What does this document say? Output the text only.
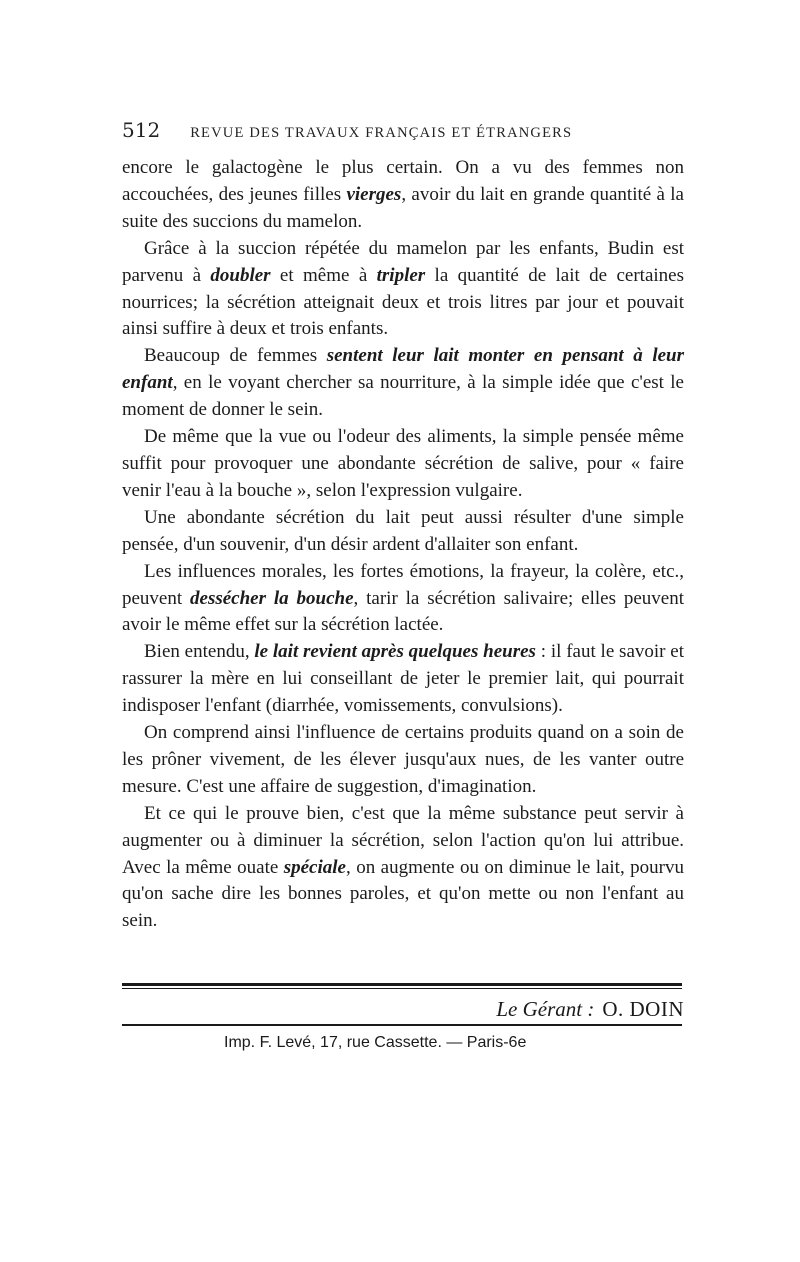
512 REVUE DES TRAVAUX FRANÇAIS ET ÉTRANGERS

encore le galactogène le plus certain. On a vu des femmes non accouchées, des jeunes filles vierges, avoir du lait en grande quantité à la suite des succions du mamelon.

Grâce à la succion répétée du mamelon par les enfants, Budin est parvenu à doubler et même à tripler la quantité de lait de certaines nourrices; la sécrétion atteignait deux et trois litres par jour et pouvait ainsi suffire à deux et trois enfants.

Beaucoup de femmes sentent leur lait monter en pensant à leur enfant, en le voyant chercher sa nourriture, à la simple idée que c'est le moment de donner le sein.

De même que la vue ou l'odeur des aliments, la simple pensée même suffit pour provoquer une abondante sécrétion de salive, pour « faire venir l'eau à la bouche », selon l'expression vulgaire.

Une abondante sécrétion du lait peut aussi résulter d'une simple pensée, d'un souvenir, d'un désir ardent d'allaiter son enfant.

Les influences morales, les fortes émotions, la frayeur, la colère, etc., peuvent dessécher la bouche, tarir la sécrétion salivaire; elles peuvent avoir le même effet sur la sécrétion lactée.

Bien entendu, le lait revient après quelques heures : il faut le savoir et rassurer la mère en lui conseillant de jeter le premier lait, qui pourrait indisposer l'enfant (diarrhée, vomissements, convulsions).

On comprend ainsi l'influence de certains produits quand on a soin de les prôner vivement, de les élever jusqu'aux nues, de les vanter outre mesure. C'est une affaire de suggestion, d'imagination.

Et ce qui le prouve bien, c'est que la même substance peut servir à augmenter ou à diminuer la sécrétion, selon l'action qu'on lui attribue. Avec la même ouate spéciale, on augmente ou on diminue le lait, pourvu qu'on sache dire les bonnes paroles, et qu'on mette ou non l'enfant au sein.

Le Gérant : O. DOIN
Imp. F. Levé, 17, rue Cassette. — Paris-6e
